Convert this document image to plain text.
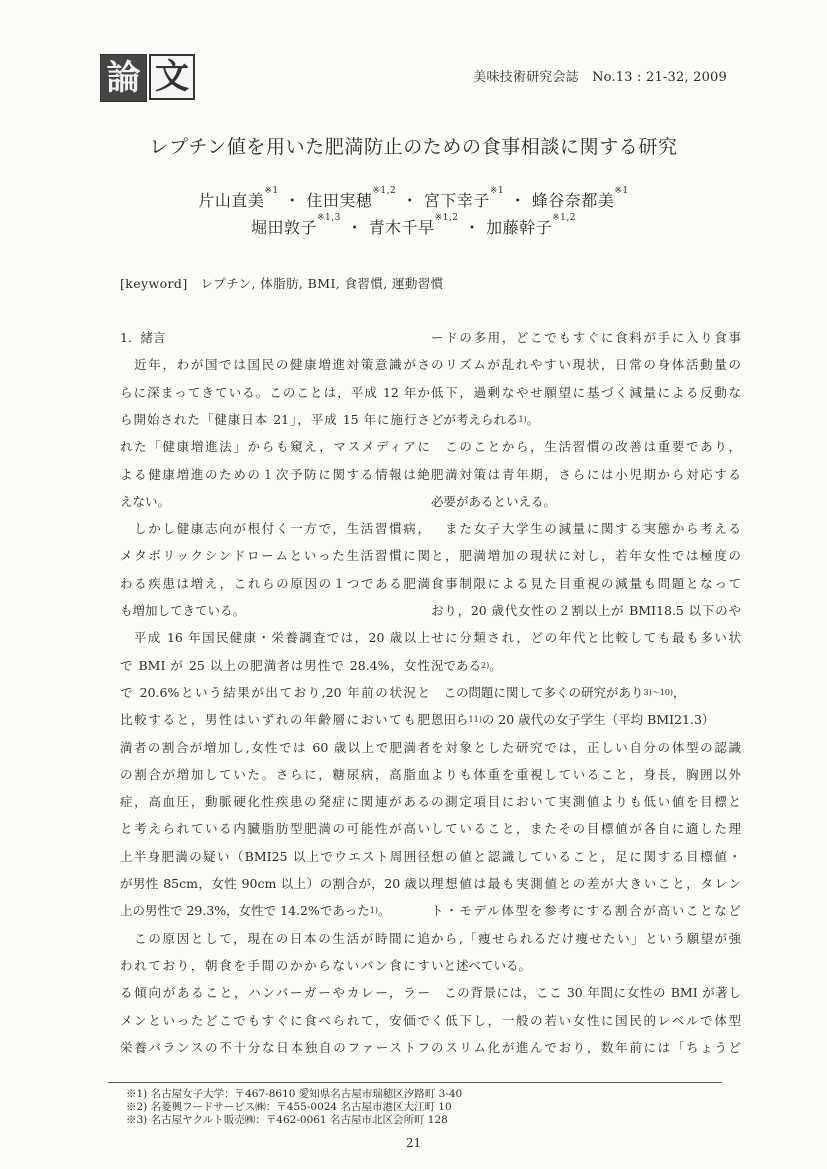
論 文	美味技術研究会誌　No.13 : 21-32, 2009
レプチン値を用いた肥満防止のための食事相談に関する研究
片山直美$^{※1}$ ・ 住田実穂$^{※1,2}$ ・ 宮下幸子$^{※1}$ ・ 蜂谷奈都美$^{※1}$
堀田敦子$^{※1,3}$ ・ 青木千早$^{※1,2}$ ・ 加藤幹子$^{※1,2}$
[keyword]　レプチン, 体脂肪, BMI, 食習慣, 運動習慣
1．緒言
　近年，わが国では国民の健康増進対策意識がさ
らに深まってきている。このことは，平成 12 年か
ら開始された「健康日本 21」，平成 15 年に施行さ
れた「健康増進法」からも窺え，マスメディアに
よる健康増進のための１次予防に関する情報は絶
えない。
　しかし健康志向が根付く一方で，生活習慣病，
メタボリックシンドロームといった生活習慣に関
わる疾患は増え，これらの原因の１つである肥満
も増加してきている。
　平成 16 年国民健康・栄養調査では，20 歳以上
で BMI が 25 以上の肥満者は男性で 28.4%，女性
で 20.6%という結果が出ており,20 年前の状況と
比較すると，男性はいずれの年齢層においても肥
満者の割合が増加し,女性では 60 歳以上で肥満者
の割合が増加していた。さらに，糖尿病，高脂血
症，高血圧，動脈硬化性疾患の発症に関連がある
と考えられている内臓脂肪型肥満の可能性が高い
上半身肥満の疑い（BMI25 以上でウエスト周囲径
が男性 85cm，女性 90cm 以上）の割合が，20 歳以
上の男性で 29.3%，女性で 14.2%であった$^{1)}$。
　この原因として，現在の日本の生活が時間に追
われており，朝食を手間のかからないパン食にす
る傾向があること，ハンバーガーやカレー，ラー
メンといったどこでもすぐに食べられて，安価で
栄養バランスの不十分な日本独自のファーストフ
ードの多用，どこでもすぐに食料が手に入り食事
のリズムが乱れやすい現状，日常の身体活動量の
低下，過剰なやせ願望に基づく減量による反動な
どが考えられる$^{1)}$。
　このことから，生活習慣の改善は重要であり，
肥満対策は青年期，さらには小児期から対応する
必要があるといえる。
　また女子大学生の減量に関する実態から考える
と，肥満増加の現状に対し，若年女性では極度の
食事制限による見た目重視の減量も問題となって
おり，20 歳代女性の２割以上が BMI18.5 以下のや
せに分類され，どの年代と比較しても最も多い状
況である$^{2)}$。
　この問題に関して多くの研究があり$^{3)\sim 10)}$，
恩田ら$^{11)}$の 20 歳代の女子学生（平均 BMI21.3）
を対象とした研究では，正しい自分の体型の認識
よりも体重を重視していること，身長，胸囲以外
の測定項目において実測値よりも低い値を目標と
していること，またその目標値が各自に適した理
想の値と認識していること，足に関する目標値・
理想値は最も実測値との差が大きいこと，タレン
ト・モデル体型を参考にする割合が高いことなど
から,「痩せられるだけ痩せたい」という願望が強
いと述べている。
　この背景には，ここ 30 年間に女性の BMI が著し
く低下し，一般の若い女性に国民的レベルで体型
のスリム化が進んでおり，数年前には「ちょうど
※1) 名古屋女子大学：〒467-8610 愛知県名古屋市瑞穂区汐路町 3-40
※2) 名菱興フードサービス㈱：〒455-0024 名古屋市港区大江町 10
※3) 名古屋ヤクルト販売㈱：〒462-0061 名古屋市北区会所町 128
21
